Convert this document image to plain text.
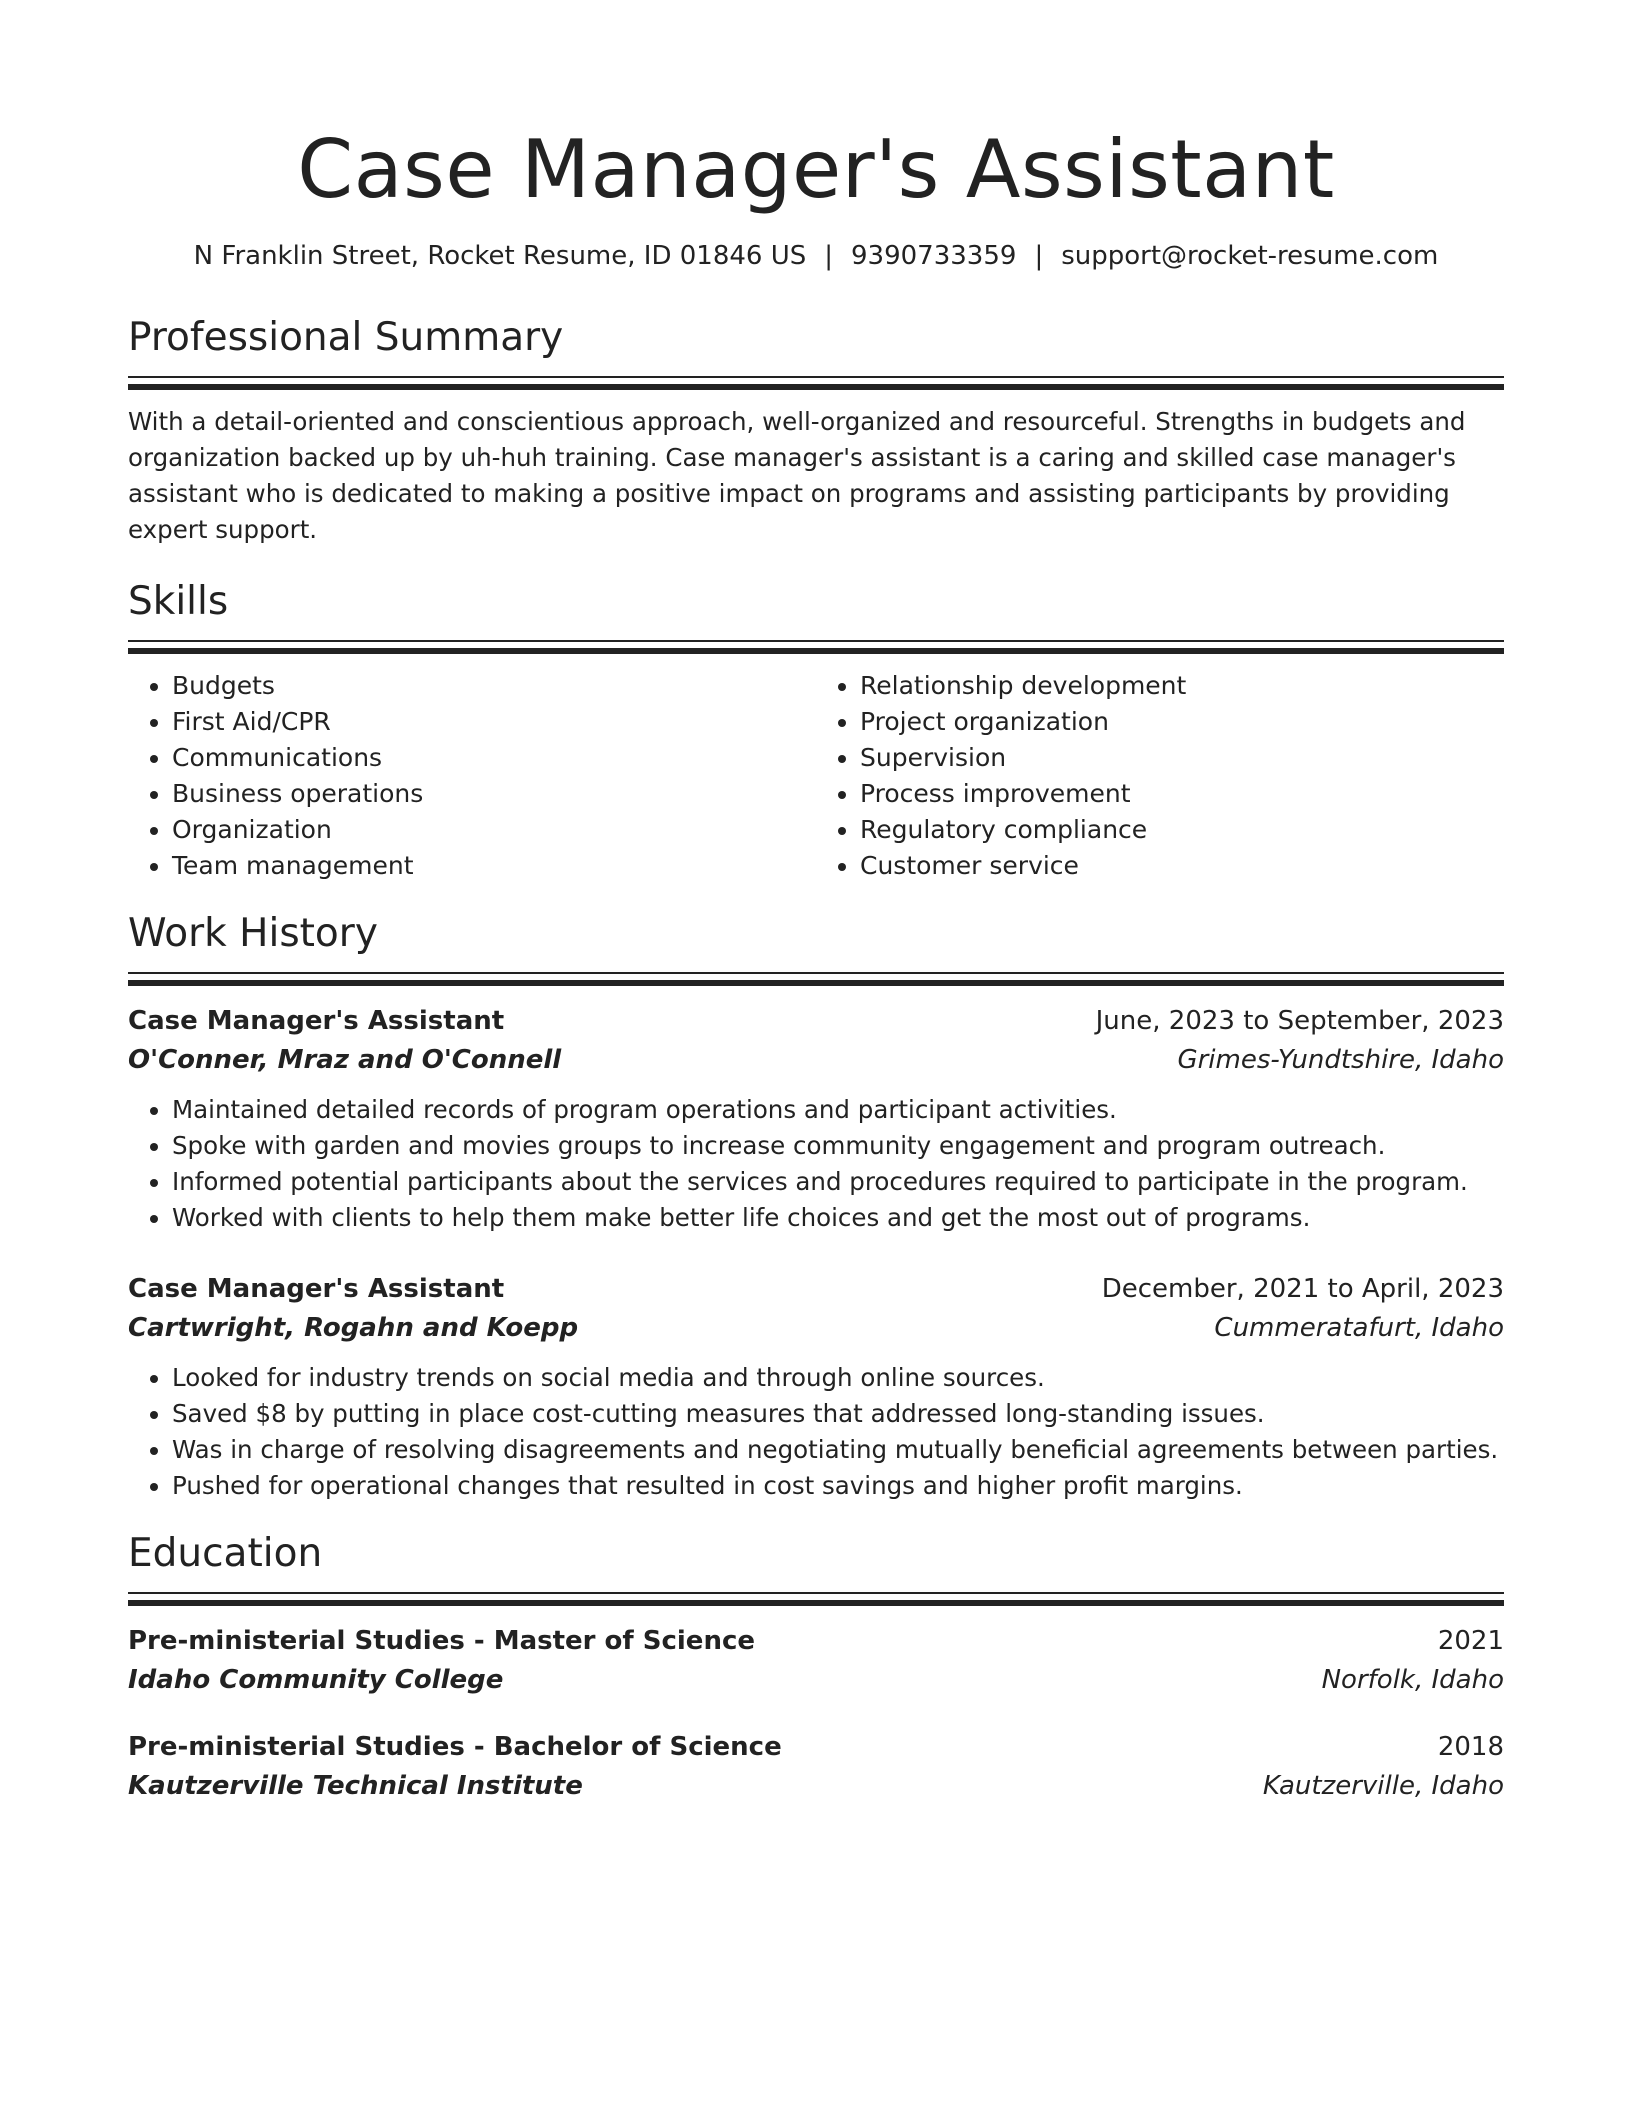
Case Manager's Assistant
N Franklin Street, Rocket Resume, ID 01846 US | 9390733359 | support@rocket-resume.com
Professional Summary
With a detail-oriented and conscientious approach, well-organized and resourceful. Strengths in budgets and organization backed up by uh-huh training. Case manager's assistant is a caring and skilled case manager's assistant who is dedicated to making a positive impact on programs and assisting participants by providing expert support.
Skills
• Budgets
• First Aid/CPR
• Communications
• Business operations
• Organization
• Team management
• Relationship development
• Project organization
• Supervision
• Process improvement
• Regulatory compliance
• Customer service
Work History
Case Manager's Assistant	June, 2023 to September, 2023
O'Conner, Mraz and O'Connell	Grimes-Yundtshire, Idaho
• Maintained detailed records of program operations and participant activities.
• Spoke with garden and movies groups to increase community engagement and program outreach.
• Informed potential participants about the services and procedures required to participate in the program.
• Worked with clients to help them make better life choices and get the most out of programs.
Case Manager's Assistant	December, 2021 to April, 2023
Cartwright, Rogahn and Koepp	Cummeratafurt, Idaho
• Looked for industry trends on social media and through online sources.
• Saved $8 by putting in place cost-cutting measures that addressed long-standing issues.
• Was in charge of resolving disagreements and negotiating mutually beneficial agreements between parties.
• Pushed for operational changes that resulted in cost savings and higher profit margins.
Education
Pre-ministerial Studies - Master of Science	2021
Idaho Community College	Norfolk, Idaho
Pre-ministerial Studies - Bachelor of Science	2018
Kautzerville Technical Institute	Kautzerville, Idaho
